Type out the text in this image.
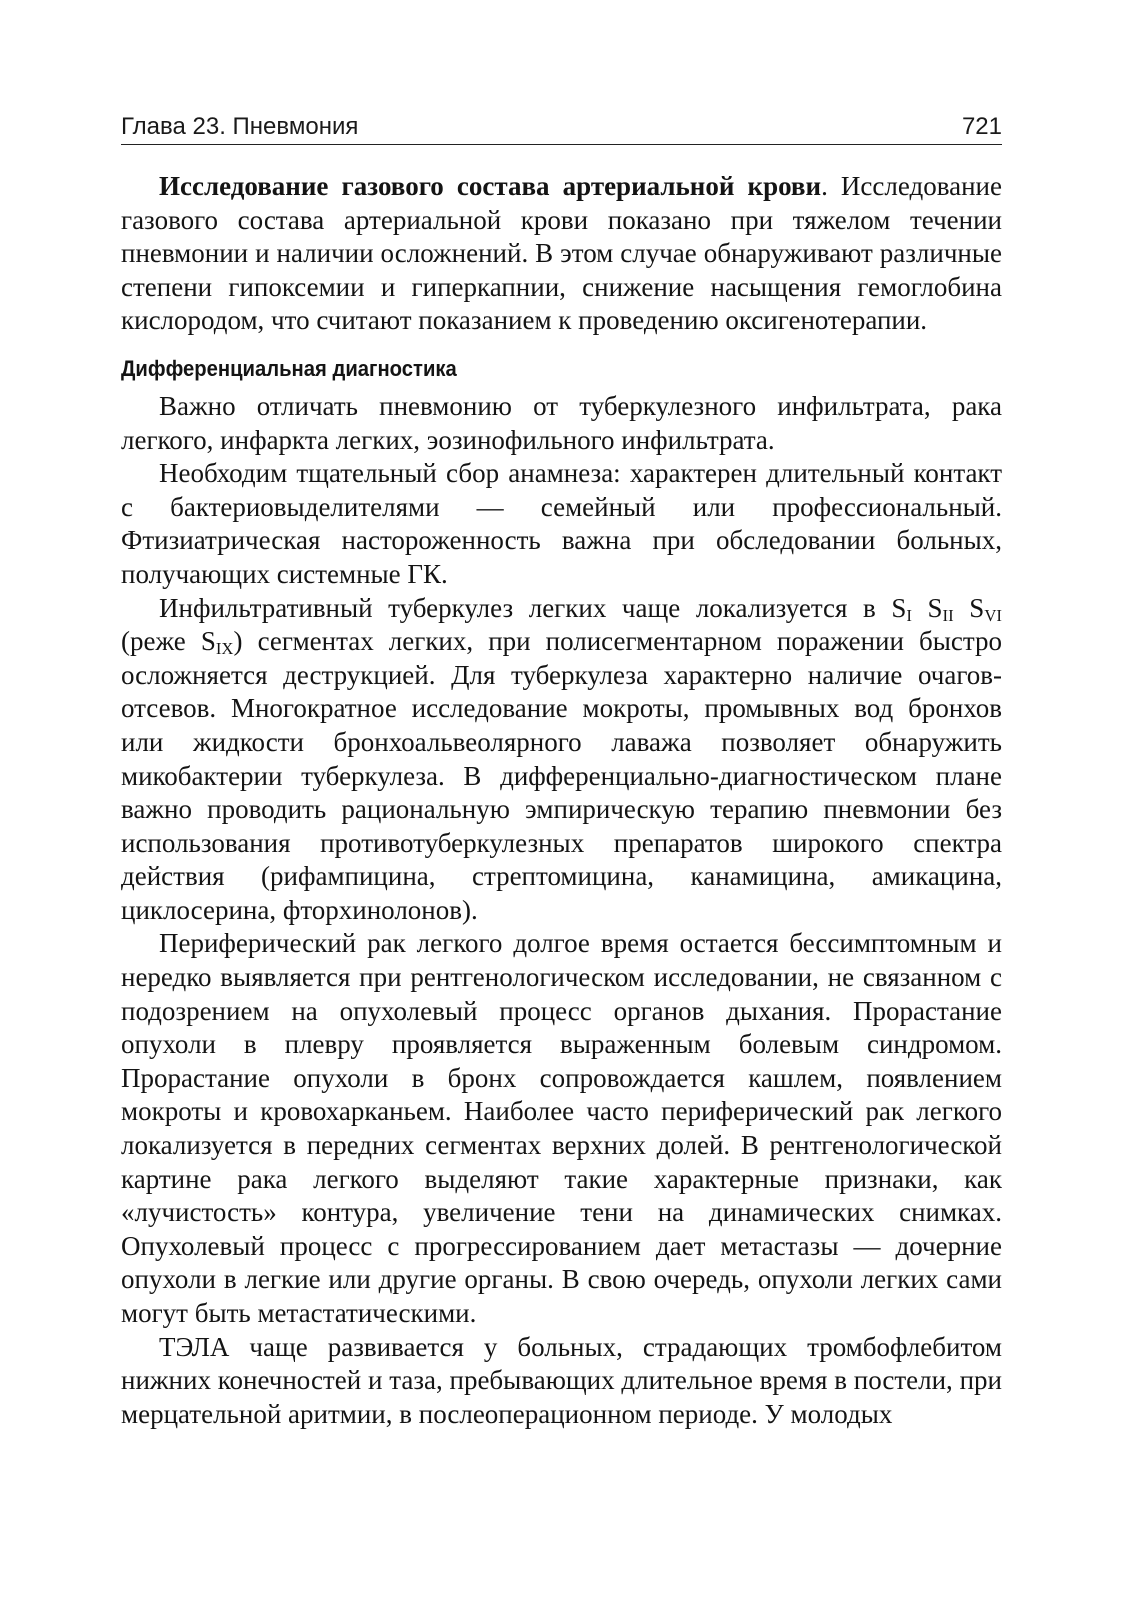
Глава 23. Пневмония	721

Исследование газового состава артериальной крови. Исследование газового состава артериальной крови показано при тяжелом течении пневмонии и наличии осложнений. В этом случае обнаруживают различные степени гипоксемии и гиперкапнии, снижение насыщения гемоглобина кислородом, что считают показанием к проведению оксигенотерапии.

Дифференциальная диагностика

Важно отличать пневмонию от туберкулезного инфильтрата, рака легкого, инфаркта легких, эозинофильного инфильтрата.

Необходим тщательный сбор анамнеза: характерен длительный контакт с бактериовыделителями — семейный или профессиональный. Фтизиатрическая настороженность важна при обследовании больных, получающих системные ГК.

Инфильтративный туберкулез легких чаще локализуется в $S_I$ $S_{II}$ $S_{VI}$ (реже $S_{IX}$) сегментах легких, при полисегментарном поражении быстро осложняется деструкцией. Для туберкулеза характерно наличие очагов-отсевов. Многократное исследование мокроты, промывных вод бронхов или жидкости бронхоальвеолярного лаважа позволяет обнаружить микобактерии туберкулеза. В дифференциально-диагностическом плане важно проводить рациональную эмпирическую терапию пневмонии без использования противотуберкулезных препаратов широкого спектра действия (рифампицина, стрептомицина, канамицина, амикацина, циклосерина, фторхинолонов).

Периферический рак легкого долгое время остается бессимптомным и нередко выявляется при рентгенологическом исследовании, не связанном с подозрением на опухолевый процесс органов дыхания. Прорастание опухоли в плевру проявляется выраженным болевым синдромом. Прорастание опухоли в бронх сопровождается кашлем, появлением мокроты и кровохарканьем. Наиболее часто периферический рак легкого локализуется в передних сегментах верхних долей. В рентгенологической картине рака легкого выделяют такие характерные признаки, как «лучистость» контура, увеличение тени на динамических снимках. Опухолевый процесс с прогрессированием дает метастазы — дочерние опухоли в легкие или другие органы. В свою очередь, опухоли легких сами могут быть метастатическими.

ТЭЛА чаще развивается у больных, страдающих тромбофлебитом нижних конечностей и таза, пребывающих длительное время в постели, при мерцательной аритмии, в послеоперационном периоде. У молодых
